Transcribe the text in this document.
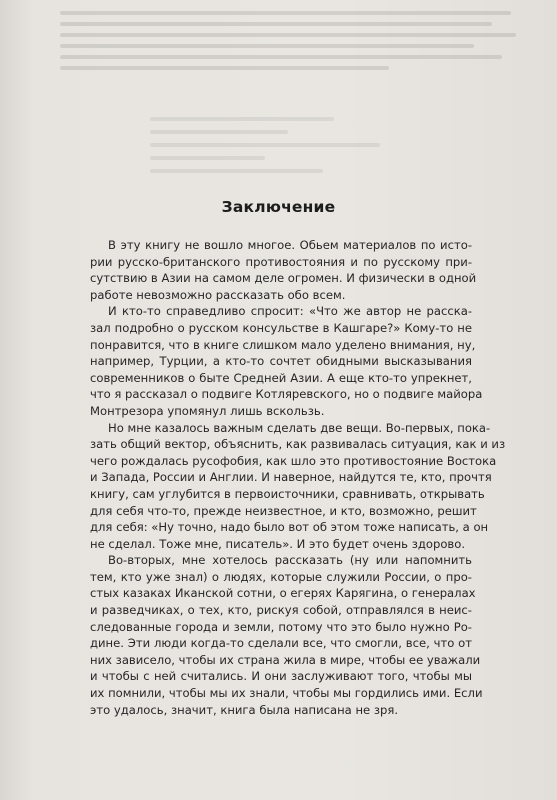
Заключение

В эту книгу не вошло многое. Обьем материалов по исто-
рии русско-британского противостояния и по русскому при-
сутствию в Азии на самом деле огромен. И физически в одной
работе невозможно рассказать обо всем.

И кто-то справедливо спросит: «Что же автор не расска-
зал подробно о русском консульстве в Кашгаре?» Кому-то не
понравится, что в книге слишком мало уделено внимания, ну,
например, Турции, а кто-то сочтет обидными высказывания
современников о быте Средней Азии. А еще кто-то упрекнет,
что я рассказал о подвиге Котляревского, но о подвиге майора
Монтрезора упомянул лишь вскользь.

Но мне казалось важным сделать две вещи. Во-первых, пока-
зать общий вектор, объяснить, как развивалась ситуация, как и из
чего рождалась русофобия, как шло это противостояние Востока
и Запада, России и Англии. И наверное, найдутся те, кто, прочтя
книгу, сам углубится в первоисточники, сравнивать, открывать
для себя что-то, прежде неизвестное, и кто, возможно, решит
для себя: «Ну точно, надо было вот об этом тоже написать, а он
не сделал. Тоже мне, писатель». И это будет очень здорово.

Во-вторых, мне хотелось рассказать (ну или напомнить
тем, кто уже знал) о людях, которые служили России, о про-
стых казаках Иканской сотни, о егерях Карягина, о генералах
и разведчиках, о тех, кто, рискуя собой, отправлялся в неис-
следованные города и земли, потому что это было нужно Ро-
дине. Эти люди когда-то сделали все, что смогли, все, что от
них зависело, чтобы их страна жила в мире, чтобы ее уважали
и чтобы с ней считались. И они заслуживают того, чтобы мы
их помнили, чтобы мы их знали, чтобы мы гордились ими. Если
это удалось, значит, книга была написана не зря.
